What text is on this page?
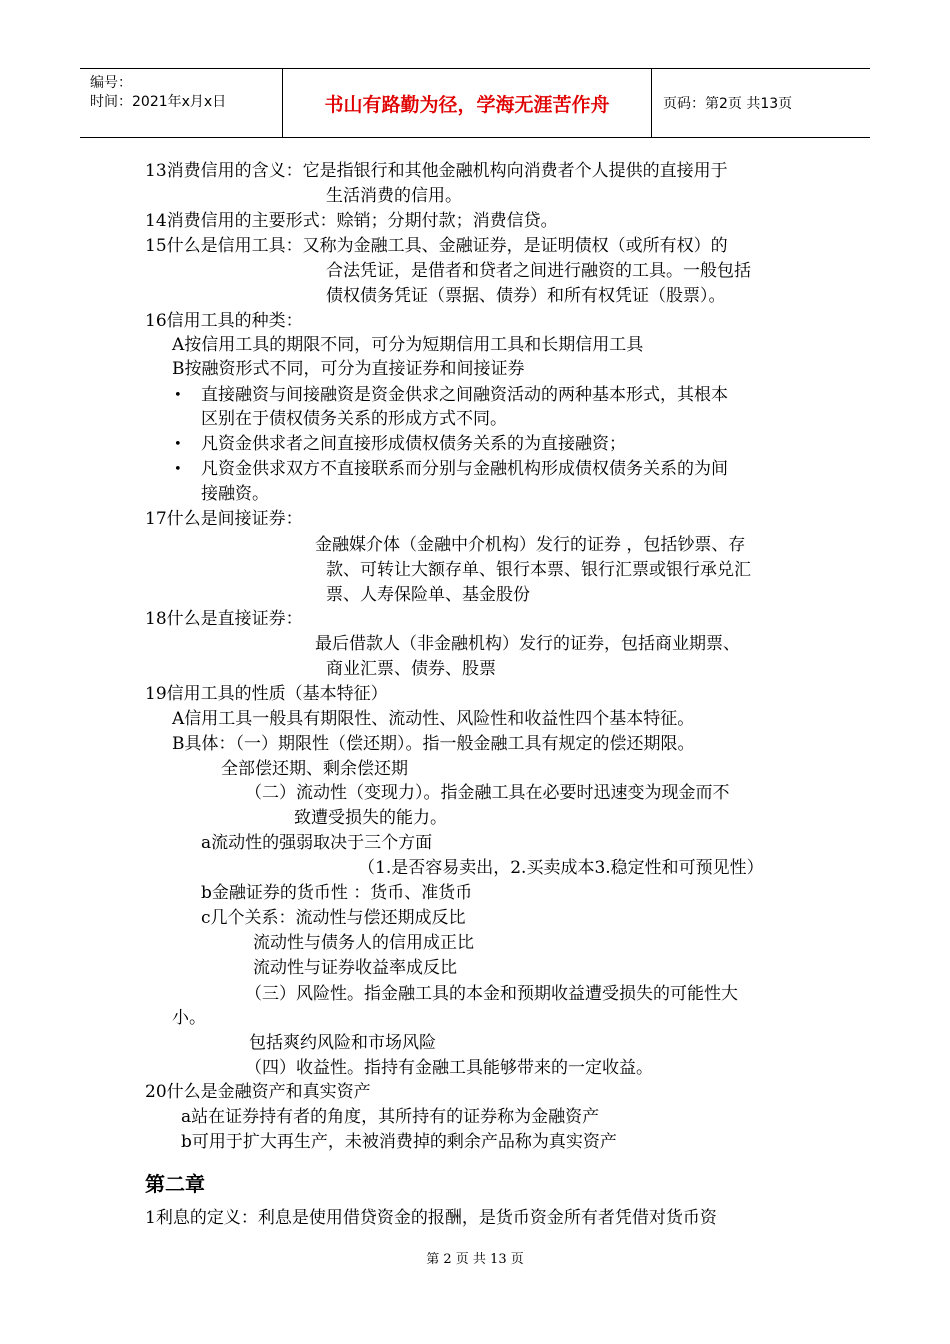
编号：
时间：2021年x月x日	书山有路勤为径，学海无涯苦作舟	页码：第2页 共13页
13消费信用的含义：它是指银行和其他金融机构向消费者个人提供的直接用于
生活消费的信用。
14消费信用的主要形式：赊销；分期付款；消费信贷。
15什么是信用工具：又称为金融工具、金融证券，是证明债权（或所有权）的
合法凭证，是借者和贷者之间进行融资的工具。一般包括
债权债务凭证（票据、债券）和所有权凭证（股票）。
16信用工具的种类：
A按信用工具的期限不同，可分为短期信用工具和长期信用工具
B按融资形式不同，可分为直接证券和间接证券
• 直接融资与间接融资是资金供求之间融资活动的两种基本形式，其根本
区别在于债权债务关系的形成方式不同。
• 凡资金供求者之间直接形成债权债务关系的为直接融资；
• 凡资金供求双方不直接联系而分别与金融机构形成债权债务关系的为间
接融资。
17什么是间接证券：
金融媒介体（金融中介机构）发行的证券 ，包括钞票、存
款、可转让大额存单、银行本票、银行汇票或银行承兑汇
票、人寿保险单、基金股份
18什么是直接证券：
最后借款人（非金融机构）发行的证券，包括商业期票、
商业汇票、债券、股票
19信用工具的性质（基本特征）
A信用工具一般具有期限性、流动性、风险性和收益性四个基本特征。
B具体：（一）期限性（偿还期）。指一般金融工具有规定的偿还期限。
全部偿还期、剩余偿还期
（二）流动性（变现力）。指金融工具在必要时迅速变为现金而不
致遭受损失的能力。
a流动性的强弱取决于三个方面
（1.是否容易卖出，2.买卖成本3.稳定性和可预见性）
b金融证券的货币性 ：货币、准货币
c几个关系：流动性与偿还期成反比
流动性与债务人的信用成正比
流动性与证券收益率成反比
（三）风险性。指金融工具的本金和预期收益遭受损失的可能性大
小。
包括爽约风险和市场风险
（四）收益性。指持有金融工具能够带来的一定收益。
20什么是金融资产和真实资产
a站在证券持有者的角度，其所持有的证券称为金融资产
b可用于扩大再生产，未被消费掉的剩余产品称为真实资产
第二章
1利息的定义：利息是使用借贷资金的报酬，是货币资金所有者凭借对货币资
第 2 页 共 13 页
